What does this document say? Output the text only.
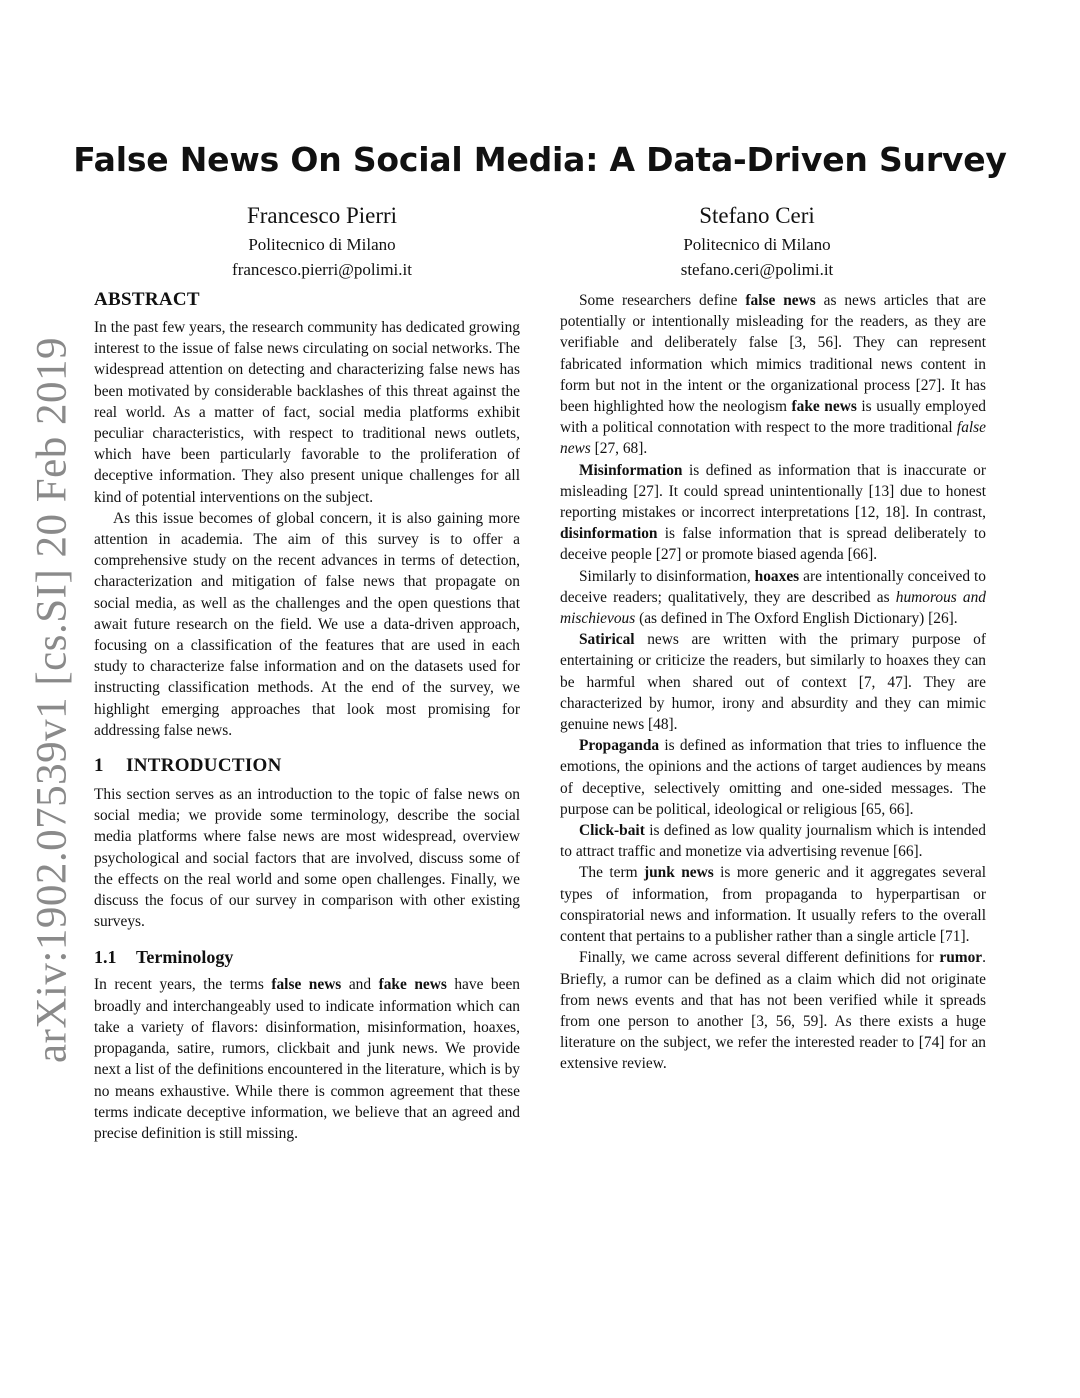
arXiv:1902.07539v1 [cs.SI] 20 Feb 2019
False News On Social Media: A Data-Driven Survey
Francesco Pierri
Politecnico di Milano
francesco.pierri@polimi.it
Stefano Ceri
Politecnico di Milano
stefano.ceri@polimi.it
ABSTRACT

In the past few years, the research community has dedicated growing interest to the issue of false news circulating on social networks. The widespread attention on detecting and characterizing false news has been motivated by considerable backlashes of this threat against the real world. As a matter of fact, social media platforms exhibit peculiar characteristics, with respect to traditional news outlets, which have been particularly favorable to the proliferation of deceptive information. They also present unique challenges for all kind of potential interventions on the subject.

As this issue becomes of global concern, it is also gaining more attention in academia. The aim of this survey is to offer a comprehensive study on the recent advances in terms of detection, characterization and mitigation of false news that propagate on social media, as well as the challenges and the open questions that await future research on the field. We use a data-driven approach, focusing on a classification of the features that are used in each study to characterize false information and on the datasets used for instructing classification methods. At the end of the survey, we highlight emerging approaches that look most promising for addressing false news.

1 INTRODUCTION

This section serves as an introduction to the topic of false news on social media; we provide some terminology, describe the social media platforms where false news are most widespread, overview psychological and social factors that are involved, discuss some of the effects on the real world and some open challenges. Finally, we discuss the focus of our survey in comparison with other existing surveys.

1.1 Terminology

In recent years, the terms false news and fake news have been broadly and interchangeably used to indicate information which can take a variety of flavors: disinformation, misinformation, hoaxes, propaganda, satire, rumors, clickbait and junk news. We provide next a list of the definitions encountered in the literature, which is by no means exhaustive. While there is common agreement that these terms indicate deceptive information, we believe that an agreed and precise definition is still missing.

Some researchers define false news as news articles that are potentially or intentionally misleading for the readers, as they are verifiable and deliberately false [3, 56]. They can represent fabricated information which mimics traditional news content in form but not in the intent or the organizational process [27]. It has been highlighted how the neologism fake news is usually employed with a political connotation with respect to the more traditional false news [27, 68].

Misinformation is defined as information that is inaccurate or misleading [27]. It could spread unintentionally [13] due to honest reporting mistakes or incorrect interpretations [12, 18]. In contrast, disinformation is false information that is spread deliberately to deceive people [27] or promote biased agenda [66].

Similarly to disinformation, hoaxes are intentionally conceived to deceive readers; qualitatively, they are described as humorous and mischievous (as defined in The Oxford English Dictionary) [26].

Satirical news are written with the primary purpose of entertaining or criticize the readers, but similarly to hoaxes they can be harmful when shared out of context [7, 47]. They are characterized by humor, irony and absurdity and they can mimic genuine news [48].

Propaganda is defined as information that tries to influence the emotions, the opinions and the actions of target audiences by means of deceptive, selectively omitting and one-sided messages. The purpose can be political, ideological or religious [65, 66].

Click-bait is defined as low quality journalism which is intended to attract traffic and monetize via advertising revenue [66].

The term junk news is more generic and it aggregates several types of information, from propaganda to hyperpartisan or conspiratorial news and information. It usually refers to the overall content that pertains to a publisher rather than a single article [71].

Finally, we came across several different definitions for rumor. Briefly, a rumor can be defined as a claim which did not originate from news events and that has not been verified while it spreads from one person to another [3, 56, 59]. As there exists a huge literature on the subject, we refer the interested reader to [74] for an extensive review.
